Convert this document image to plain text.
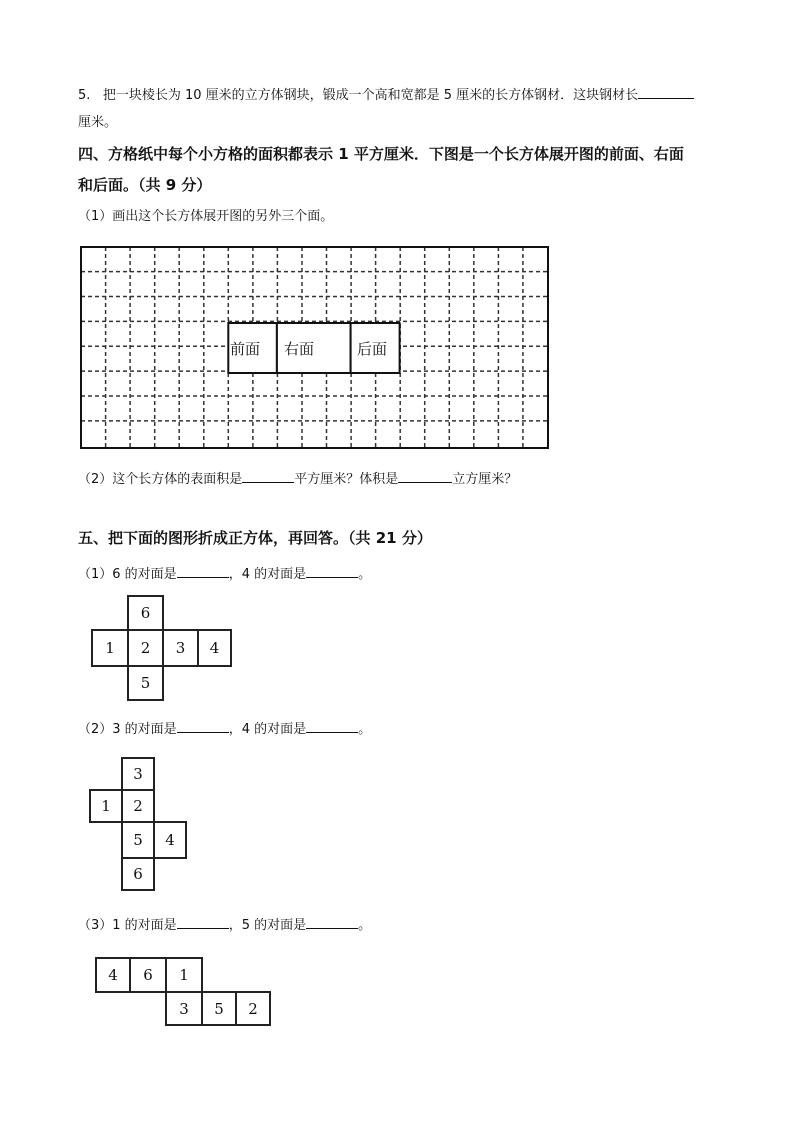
5. 把一块棱长为 10 厘米的立方体钢块，锻成一个高和宽都是 5 厘米的长方体钢材．这块钢材长
厘米。
四、方格纸中每个小方格的面积都表示 1 平方厘米．下图是一个长方体展开图的前面、右面
和后面。（共 9 分）
（1）画出这个长方体展开图的另外三个面。
前面 右面	后面
（2）这个长方体的表面积是	平方厘米？体积是	立方厘米？
五、把下面的图形折成正方体，再回答。（共 21 分）
（1）6 的对面是	，4 的对面是	。
6
1	2	3	4
5
（2）3 的对面是	，4 的对面是	。
3
1	2
5	4
6
（3）1 的对面是	，5 的对面是	。
4	6	1
3	5	2
